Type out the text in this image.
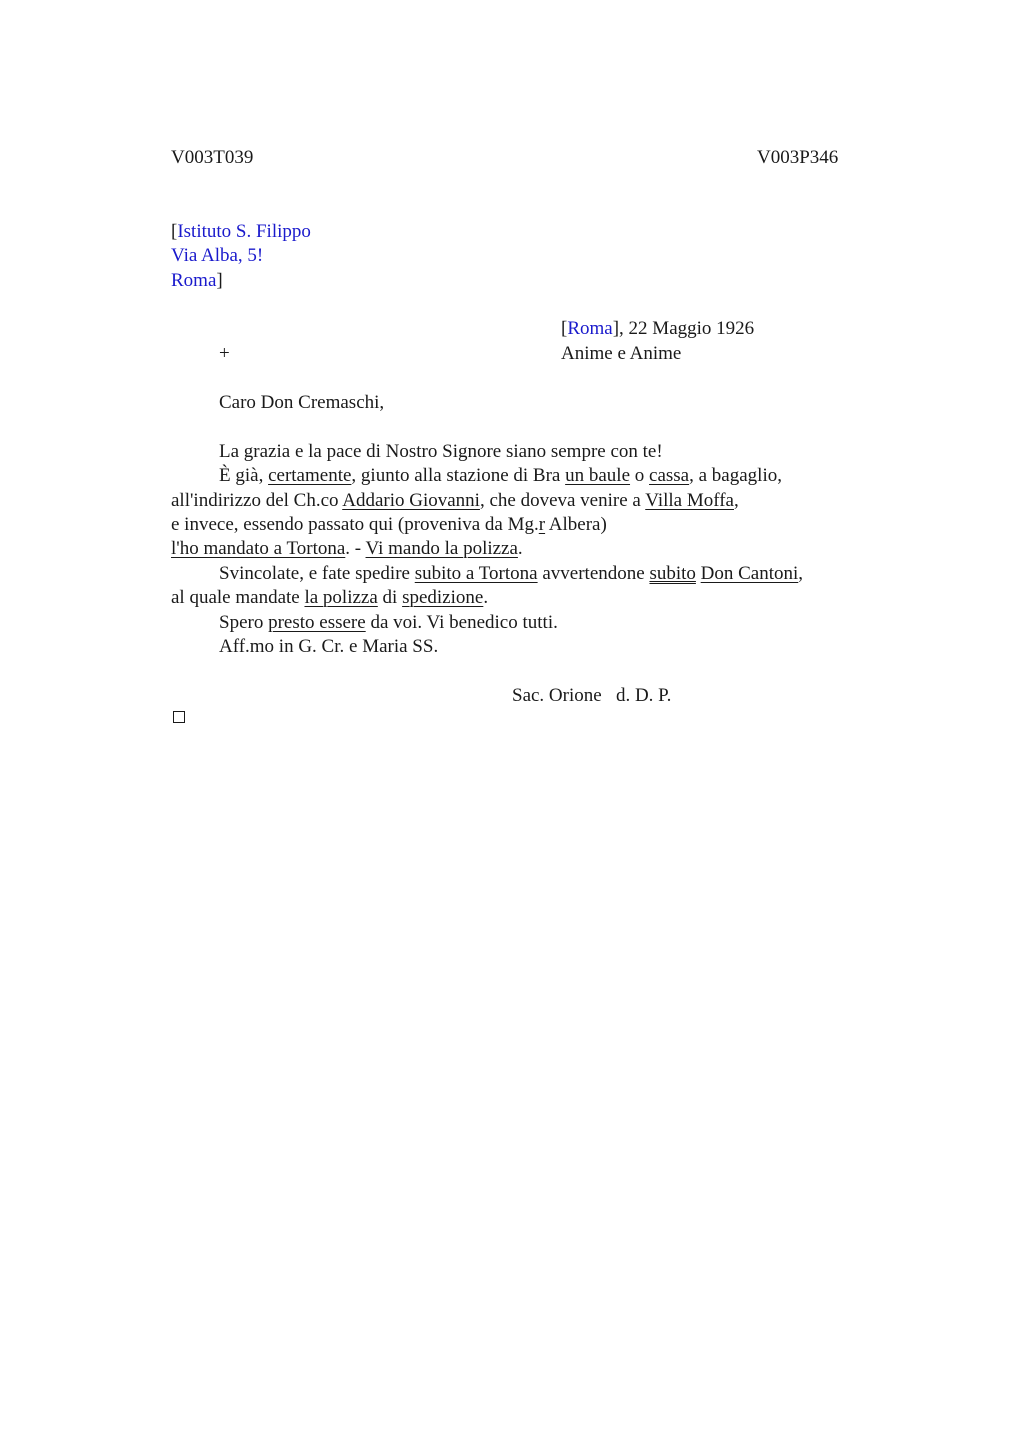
V003T039	V003P346
[Istituto S. Filippo
Via Alba, 5!
Roma]
[Roma], 22 Maggio 1926
+	Anime e Anime
Caro Don Cremaschi,
La grazia e la pace di Nostro Signore siano sempre con te!
È già, certamente, giunto alla stazione di Bra un baule o cassa, a bagaglio,
all'indirizzo del Ch.co Addario Giovanni, che doveva venire a Villa Moffa,
e invece, essendo passato qui (proveniva da Mg.r Albera)
l'ho mandato a Tortona. - Vi mando la polizza.
Svincolate, e fate spedire subito a Tortona avvertendone subito Don Cantoni,
al quale mandate la polizza di spedizione.
Spero presto essere da voi. Vi benedico tutti.
Aff.mo in G. Cr. e Maria SS.
Sac. Orione   d. D. P.
